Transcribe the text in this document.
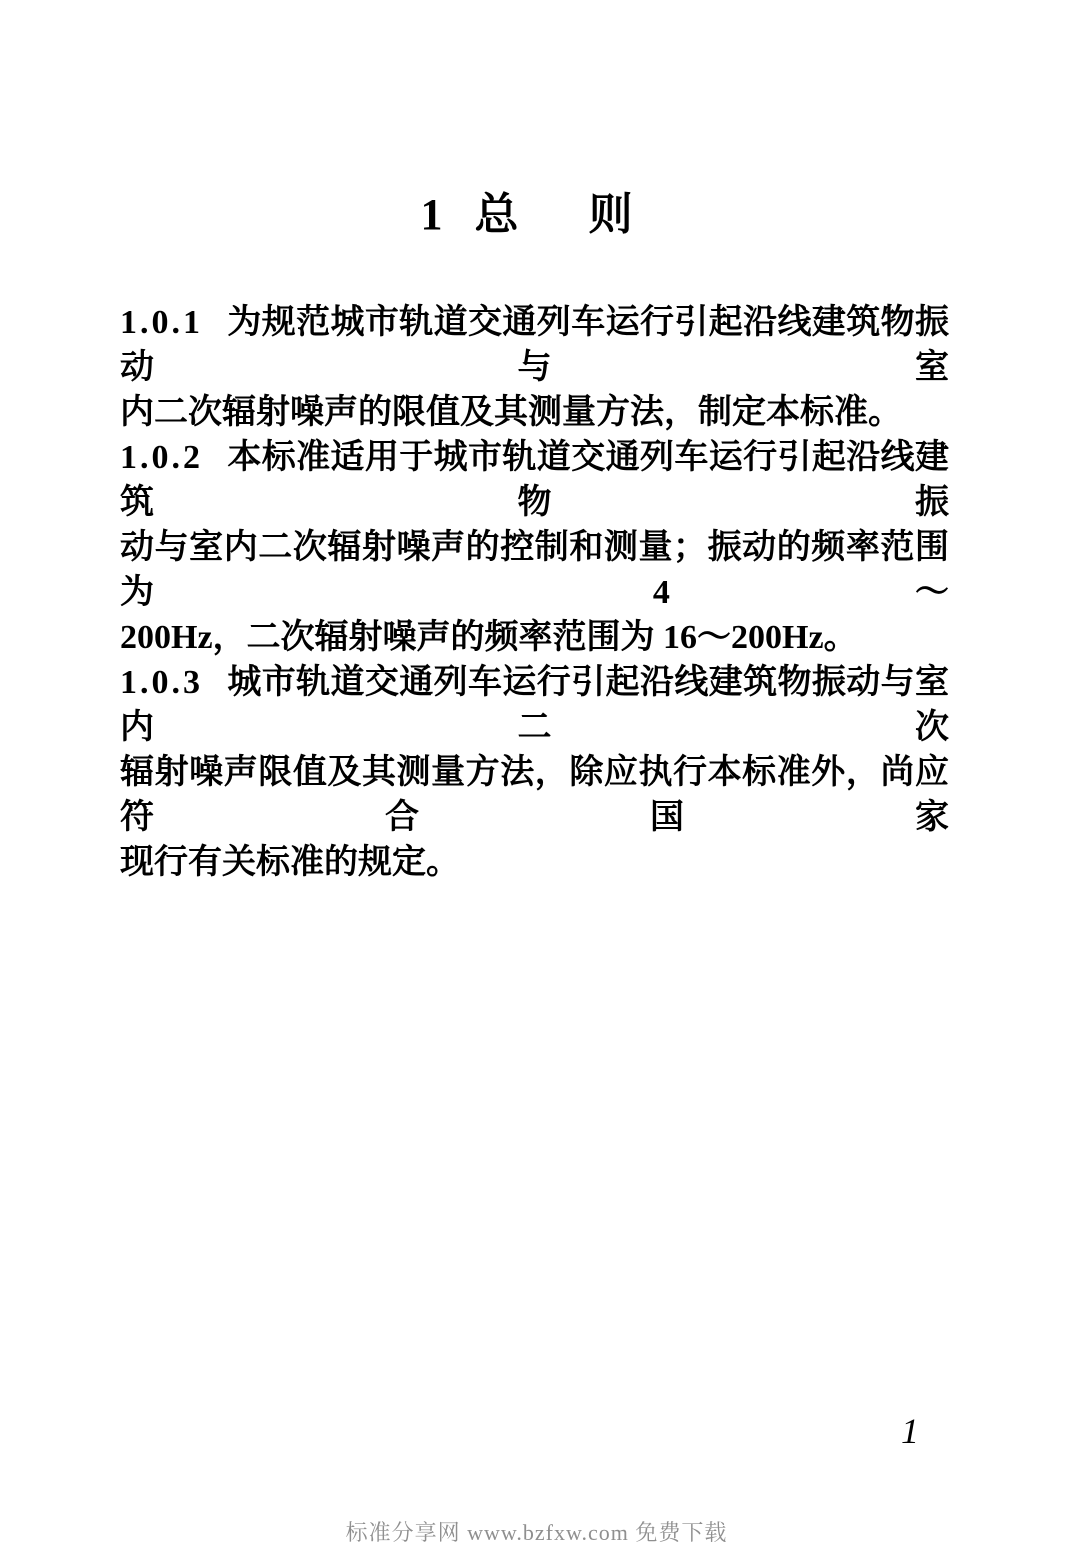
1 总 则
1.0.1 为规范城市轨道交通列车运行引起沿线建筑物振动与室
内二次辐射噪声的限值及其测量方法，制定本标准。
1.0.2 本标准适用于城市轨道交通列车运行引起沿线建筑物振
动与室内二次辐射噪声的控制和测量；振动的频率范围为 4～
200Hz，二次辐射噪声的频率范围为 16～200Hz。
1.0.3 城市轨道交通列车运行引起沿线建筑物振动与室内二次
辐射噪声限值及其测量方法，除应执行本标准外，尚应符合国家
现行有关标准的规定。
1
标准分享网 www.bzfxw.com 免费下载
